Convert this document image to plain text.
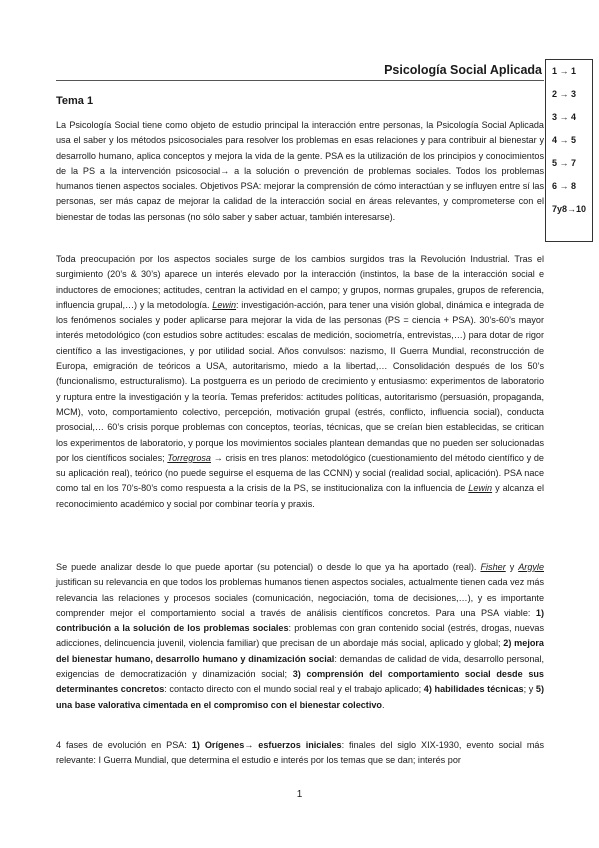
Psicología Social Aplicada 1 → 1
2 → 3
3 → 4
4 → 5
5 → 7
6 → 8
7y8→10
Tema 1
La Psicología Social tiene como objeto de estudio principal la interacción entre personas, la Psicología Social Aplicada usa el saber y los métodos psicosociales para resolver los problemas en esas relaciones y para contribuir al bienestar y desarrollo humano, aplica conceptos y mejora la vida de la gente. PSA es la utilización de los principios y conocimientos de la PS a la intervención psicosocial→ a la solución o prevención de problemas sociales. Todos los problemas humanos tienen aspectos sociales. Objetivos PSA: mejorar la comprensión de cómo interactúan y se influyen entre sí las personas, ser más capaz de mejorar la calidad de la interacción social en áreas relevantes, y comprometerse con el bienestar de todas las personas (no sólo saber y saber actuar, también interesarse).
Toda preocupación por los aspectos sociales surge de los cambios surgidos tras la Revolución Industrial. Tras el surgimiento (20’s & 30’s) aparece un interés elevado por la interacción (instintos, la base de la interacción social e inductores de emociones; actitudes, centran la actividad en el campo; y grupos, normas grupales, grupos de referencia, influencia grupal,…) y la metodología. Lewin: investigación-acción, para tener una visión global, dinámica e integrada de los fenómenos sociales y poder aplicarse para mejorar la vida de las personas (PS = ciencia + PSA). 30’s-60’s mayor interés metodológico (con estudios sobre actitudes: escalas de medición, sociometría, entrevistas,…) para dotar de rigor científico a las investigaciones, y por utilidad social. Años convulsos: nazismo, II Guerra Mundial, reconstrucción de Europa, emigración de teóricos a USA, autoritarismo, miedo a la libertad,… Consolidación después de los 50’s (funcionalismo, estructuralismo). La postguerra es un periodo de crecimiento y entusiasmo: experimentos de laboratorio y ruptura entre la investigación y la teoría. Temas preferidos: actitudes políticas, autoritarismo (persuasión, propaganda, MCM), voto, comportamiento colectivo, percepción, motivación grupal (estrés, conflicto, influencia social), conducta prosocial,… 60’s crisis porque problemas con conceptos, teorías, técnicas, que se creían bien establecidas, se critican los experimentos de laboratorio, y porque los movimientos sociales plantean demandas que no pueden ser solucionadas por los científicos sociales; Torregrosa → crisis en tres planos: metodológico (cuestionamiento del método científico y de su aplicación real), teórico (no puede seguirse el esquema de las CCNN) y social (realidad social, aplicación). PSA nace como tal en los 70’s-80’s como respuesta a la crisis de la PS, se institucionaliza con la influencia de Lewin y alcanza el reconocimiento académico y social por combinar teoría y praxis.
Se puede analizar desde lo que puede aportar (su potencial) o desde lo que ya ha aportado (real). Fisher y Argyle justifican su relevancia en que todos los problemas humanos tienen aspectos sociales, actualmente tienen cada vez más relevancia las relaciones y procesos sociales (comunicación, negociación, toma de decisiones,…), y es importante comprender mejor el comportamiento social a través de análisis científicos concretos. Para una PSA viable: 1) contribución a la solución de los problemas sociales: problemas con gran contenido social (estrés, drogas, nuevas adicciones, delincuencia juvenil, violencia familiar) que precisan de un abordaje más social, aplicado y global; 2) mejora del bienestar humano, desarrollo humano y dinamización social: demandas de calidad de vida, desarrollo personal, exigencias de democratización y dinamización social; 3) comprensión del comportamiento social desde sus determinantes concretos: contacto directo con el mundo social real y el trabajo aplicado; 4) habilidades técnicas; y 5) una base valorativa cimentada en el compromiso con el bienestar colectivo.
4 fases de evolución en PSA: 1) Orígenes→ esfuerzos iniciales: finales del siglo XIX-1930, evento social más relevante: I Guerra Mundial, que determina el estudio e interés por los temas que se dan; interés por
1
